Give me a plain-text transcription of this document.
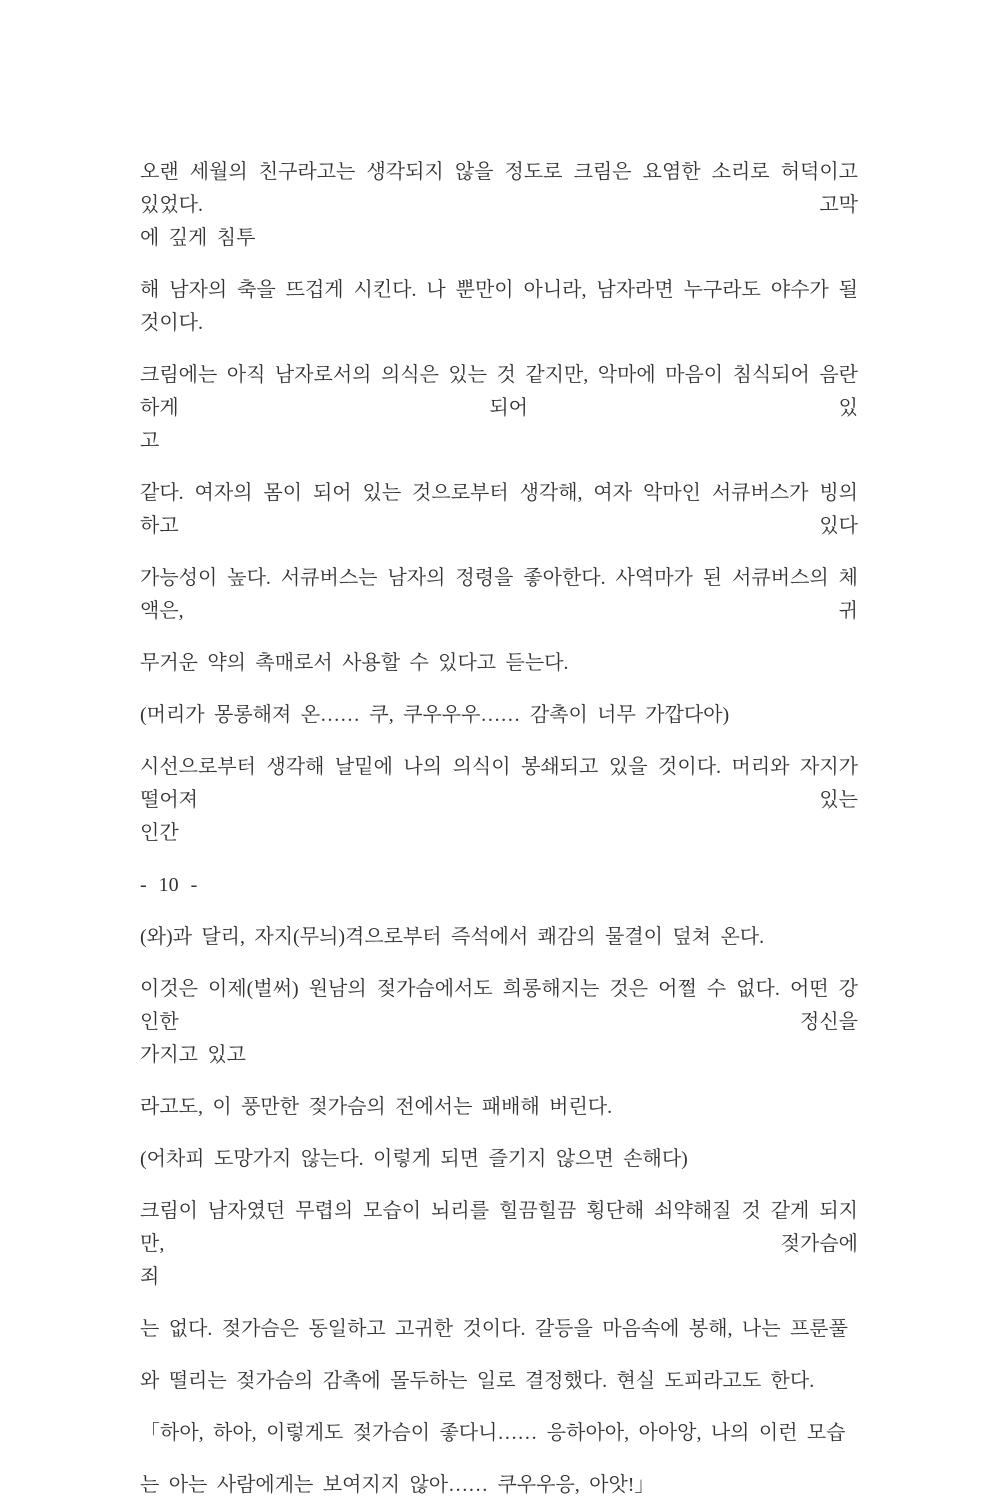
오랜 세월의 친구라고는 생각되지 않을 정도로 크림은 요염한 소리로 허덕이고 있었다. 고막
에 깊게 침투
해 남자의 축을 뜨겁게 시킨다. 나 뿐만이 아니라, 남자라면 누구라도 야수가 될 것이다.
크림에는 아직 남자로서의 의식은 있는 것 같지만, 악마에 마음이 침식되어 음란하게 되어 있
고
같다. 여자의 몸이 되어 있는 것으로부터 생각해, 여자 악마인 서큐버스가 빙의 하고 있다
가능성이 높다. 서큐버스는 남자의 정령을 좋아한다. 사역마가 된 서큐버스의 체액은, 귀
무거운 약의 촉매로서 사용할 수 있다고 듣는다.
(머리가 몽롱해져 온…… 쿠, 쿠우우우…… 감촉이 너무 가깝다아)
시선으로부터 생각해 날밑에 나의 의식이 봉쇄되고 있을 것이다. 머리와 자지가 떨어져 있는
인간
- 10 -
(와)과 달리, 자지(무늬)격으로부터 즉석에서 쾌감의 물결이 덮쳐 온다.
이것은 이제(벌써) 원남의 젖가슴에서도 희롱해지는 것은 어쩔 수 없다. 어떤 강인한 정신을
가지고 있고
라고도, 이 풍만한 젖가슴의 전에서는 패배해 버린다.
(어차피 도망가지 않는다. 이렇게 되면 즐기지 않으면 손해다)
크림이 남자였던 무렵의 모습이 뇌리를 힐끔힐끔 횡단해 쇠약해질 것 같게 되지만, 젖가슴에
죄
는 없다. 젖가슴은 동일하고 고귀한 것이다. 갈등을 마음속에 봉해, 나는 프룬풀
와 떨리는 젖가슴의 감촉에 몰두하는 일로 결정했다. 현실 도피라고도 한다.
「하아, 하아, 이렇게도 젖가슴이 좋다니…… 응하아아, 아아앙, 나의 이런 모습
는 아는 사람에게는 보여지지 않아…… 쿠우우응, 아앗!」
